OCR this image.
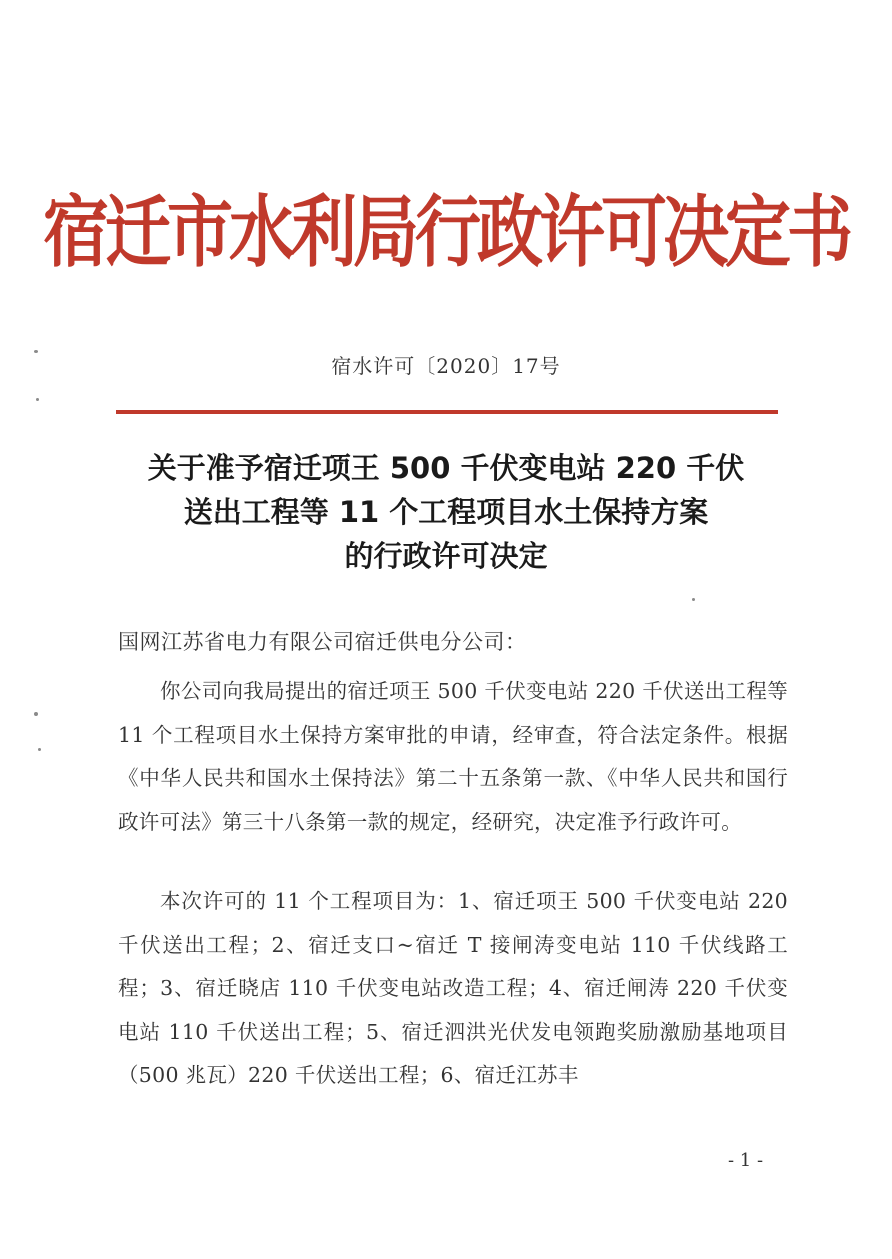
宿迁市水利局行政许可决定书
宿水许可〔2020〕17号
关于准予宿迁项王 500 千伏变电站 220 千伏
送出工程等 11 个工程项目水土保持方案
的行政许可决定
国网江苏省电力有限公司宿迁供电分公司：
你公司向我局提出的宿迁项王 500 千伏变电站 220 千伏送出工程等 11 个工程项目水土保持方案审批的申请，经审查，符合法定条件。根据《中华人民共和国水土保持法》第二十五条第一款、《中华人民共和国行政许可法》第三十八条第一款的规定，经研究，决定准予行政许可。
本次许可的 11 个工程项目为：1、宿迁项王 500 千伏变电站 220 千伏送出工程；2、宿迁支口~宿迁 T 接闸涛变电站 110 千伏线路工程；3、宿迁晓店 110 千伏变电站改造工程；4、宿迁闸涛 220 千伏变电站 110 千伏送出工程；5、宿迁泗洪光伏发电领跑奖励激励基地项目（500 兆瓦）220 千伏送出工程；6、宿迁江苏丰
- 1 -
